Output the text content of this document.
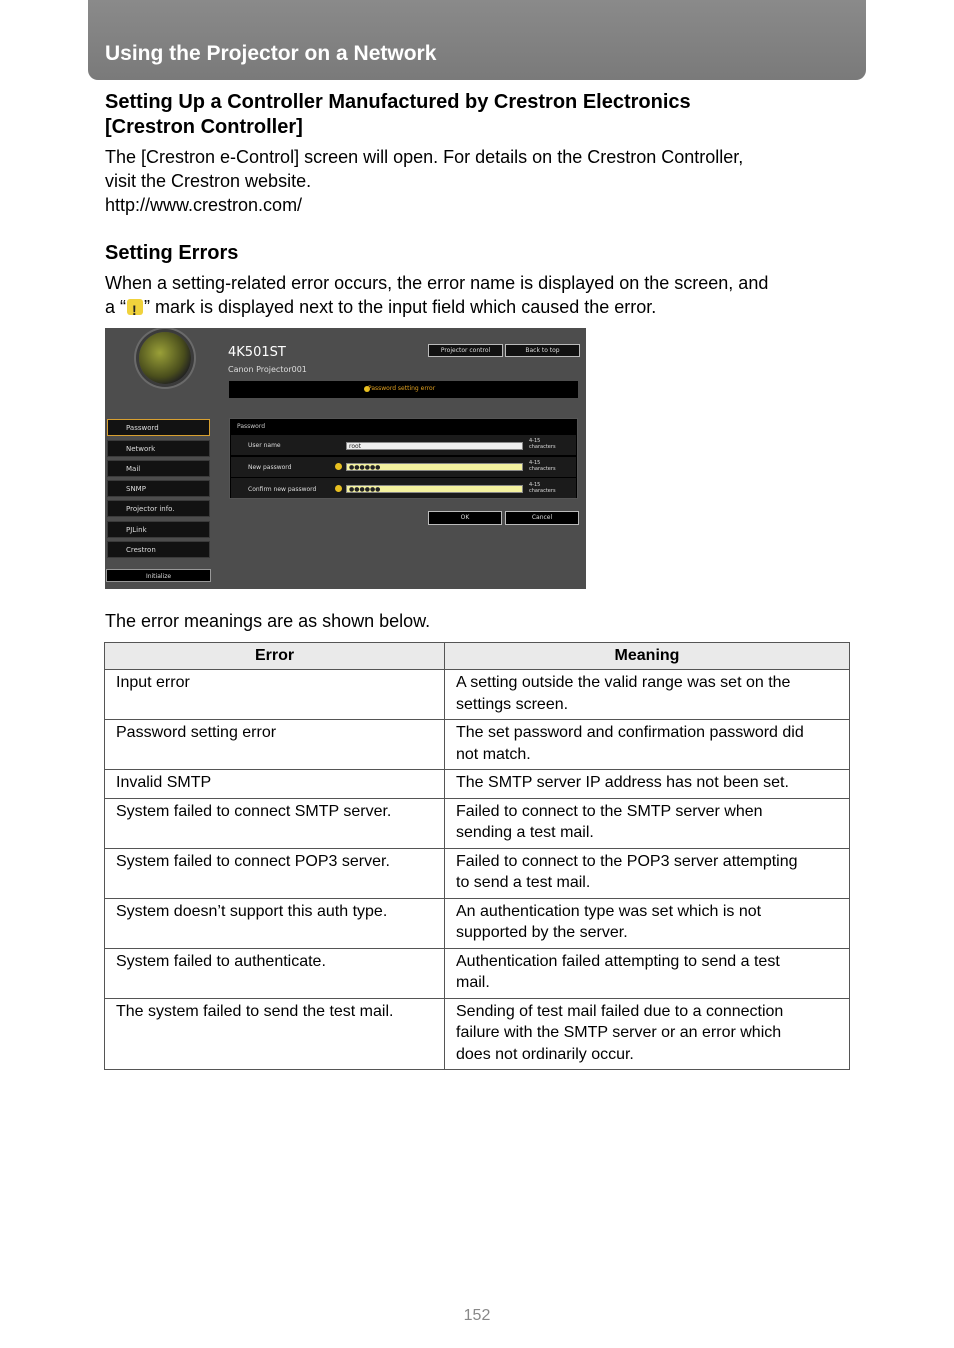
Using the Projector on a Network
Setting Up a Controller Manufactured by Crestron Electronics
[Crestron Controller]
The [Crestron e-Control] screen will open. For details on the Crestron Controller,
visit the Crestron website.
http://www.crestron.com/
Setting Errors
When a setting-related error occurs, the error name is displayed on the screen, and
a “ ! ” mark is displayed next to the input field which caused the error.
4K501ST
Canon Projector001
Projector control	Back to top
Password setting error
Password
Network
Mail
SNMP
Projector info.
PJLink
Crestron
Initialize
Password
User name	root
4-15
characters
New password	●●●●●●
4-15
characters
Confirm new password	●●●●●●
4-15
characters
OK	Cancel
The error meanings are as shown below.
Error	Meaning
Input error	A setting outside the valid range was set on the
settings screen.

Password setting error	The set password and confirmation password did
not match.

Invalid SMTP	The SMTP server IP address has not been set.

System failed to connect SMTP server.	Failed to connect to the SMTP server when
sending a test mail.

System failed to connect POP3 server.	Failed to connect to the POP3 server attempting
to send a test mail.

System doesn’t support this auth type.	An authentication type was set which is not
supported by the server.

System failed to authenticate.	Authentication failed attempting to send a test
mail.

The system failed to send the test mail.	Sending of test mail failed due to a connection
failure with the SMTP server or an error which
does not ordinarily occur.
152
